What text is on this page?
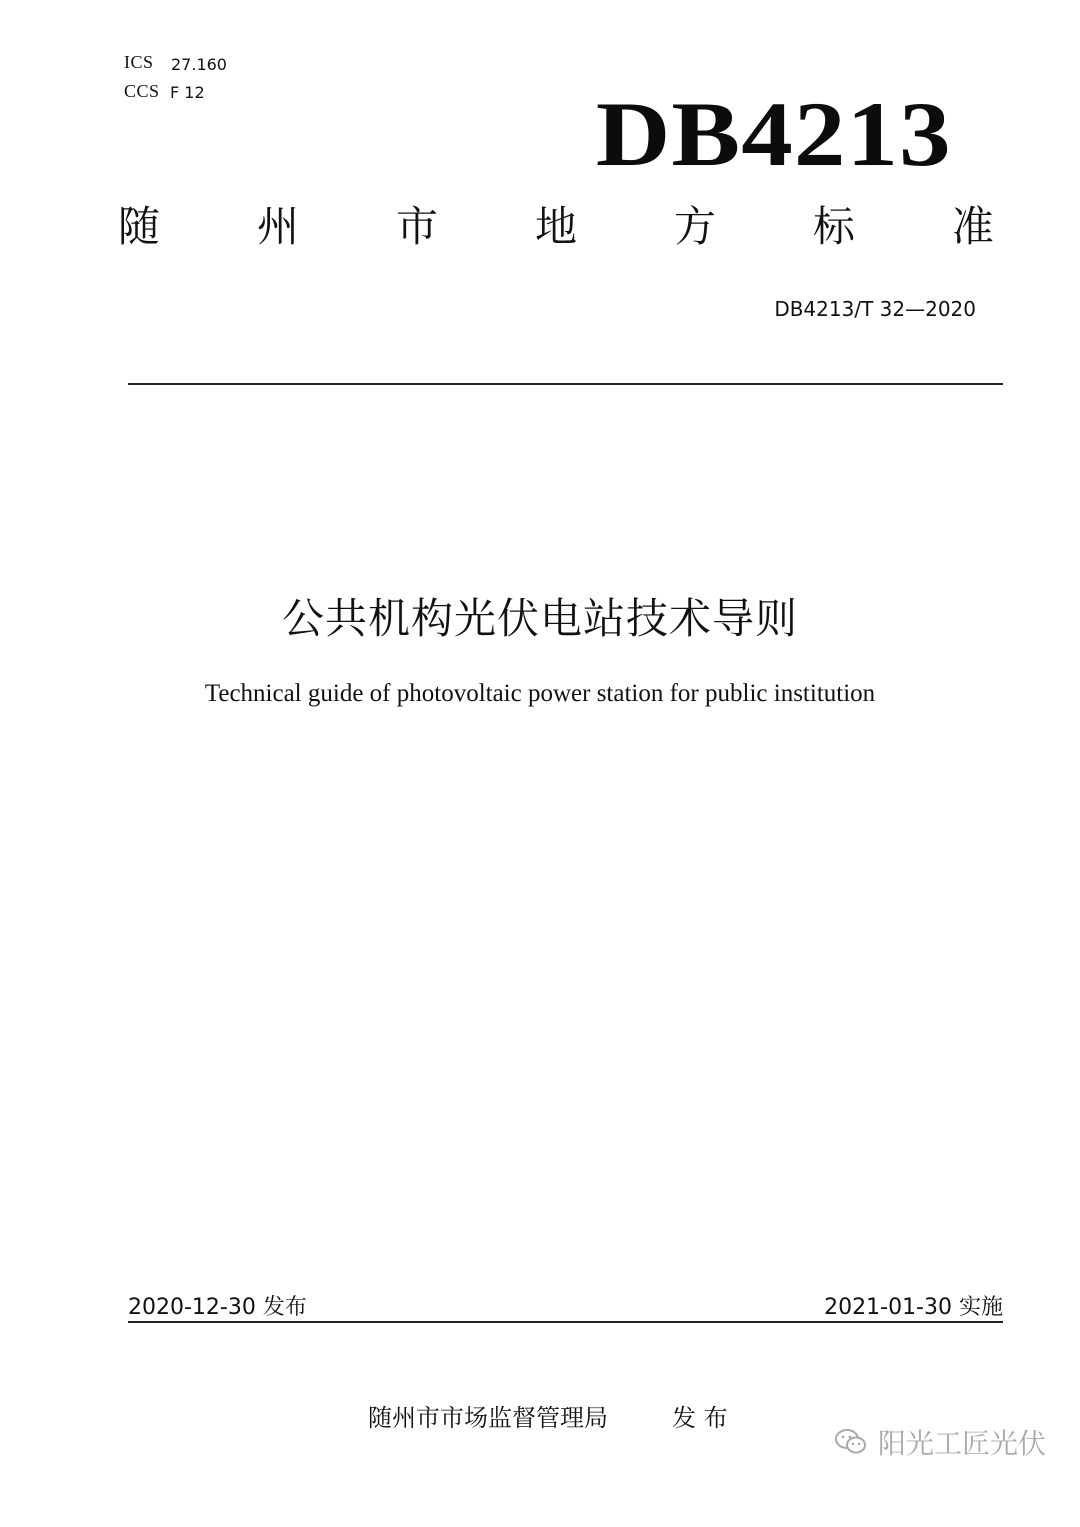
ICS 27.160
CCS F 12	DB4213
随 州 市 地 方 标 准
DB4213/T 32—2020
公共机构光伏电站技术导则
Technical guide of photovoltaic power station for public institution
2020-12-30 发布	2021-01-30 实施
随州市市场监督管理局	发 布
阳光工匠光伏
